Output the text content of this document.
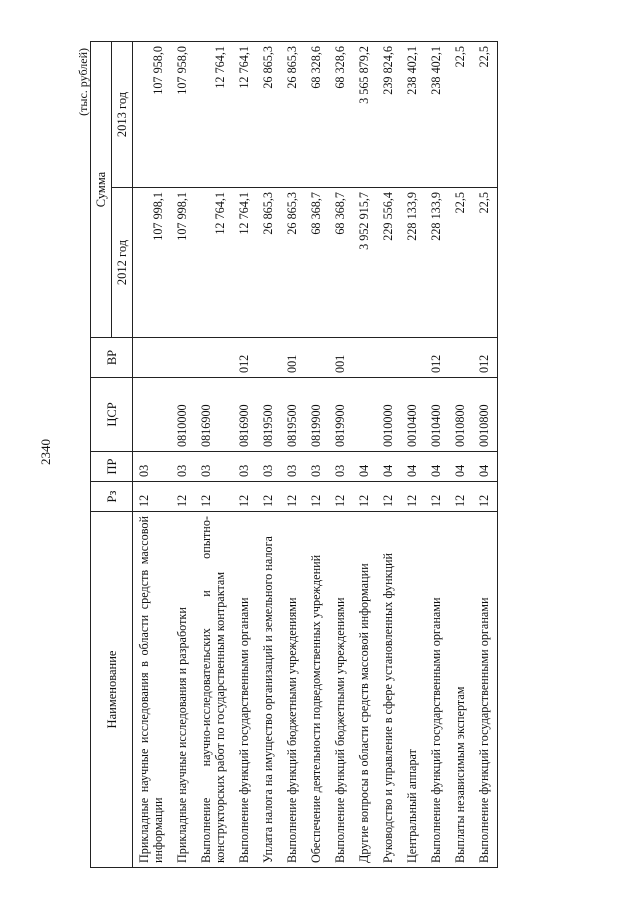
2340
(тыс. рублей)
Наименование	Рз	ПР	ЦСР	ВР	Сумма	
					2012 год	2013 год
Прикладные научные исследования в области средств массовой информации	12	03			107 998,1	107 958,0
Прикладные научные исследования и разработки	12	03	0810000		107 998,1	107 958,0
Выполнение научно-исследовательских и опытно-конструкторских работ по государственным контрактам	12	03	0816900		12 764,1	12 764,1
Выполнение функций государственными органами	12	03	0816900	012	12 764,1	12 764,1
Уплата налога на имущество организаций и земельного налога	12	03	0819500		26 865,3	26 865,3
Выполнение функций бюджетными учреждениями	12	03	0819500	001	26 865,3	26 865,3
Обеспечение деятельности подведомственных учреждений	12	03	0819900		68 368,7	68 328,6
Выполнение функций бюджетными учреждениями	12	03	0819900	001	68 368,7	68 328,6
Другие вопросы в области средств массовой информации	12	04			3 952 915,7	3 565 879,2
Руководство и управление в сфере установленных функций	12	04	0010000		229 556,4	239 824,6
Центральный аппарат	12	04	0010400		228 133,9	238 402,1
Выполнение функций государственными органами	12	04	0010400	012	228 133,9	238 402,1
Выплаты независимым экспертам	12	04	0010800		22,5	22,5
Выполнение функций государственными органами	12	04	0010800	012	22,5	22,5
